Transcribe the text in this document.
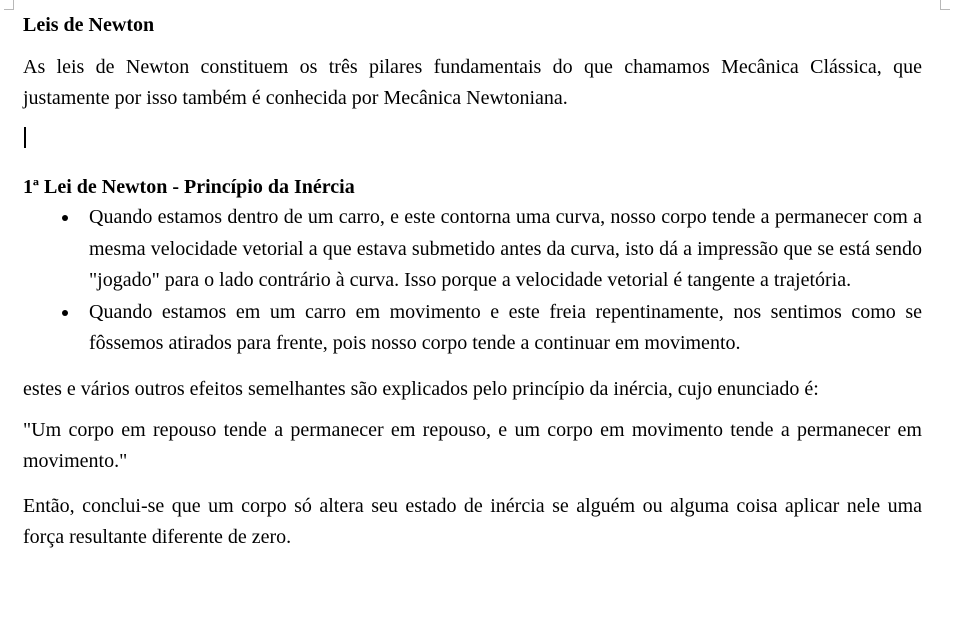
Leis de Newton

As leis de Newton constituem os três pilares fundamentais do que chamamos Mecânica Clássica, que justamente por isso também é conhecida por Mecânica Newtoniana.

1ª Lei de Newton - Princípio da Inércia

Quando estamos dentro de um carro, e este contorna uma curva, nosso corpo tende a permanecer com a mesma velocidade vetorial a que estava submetido antes da curva, isto dá a impressão que se está sendo "jogado" para o lado contrário à curva. Isso porque a velocidade vetorial é tangente a trajetória.
Quando estamos em um carro em movimento e este freia repentinamente, nos sentimos como se fôssemos atirados para frente, pois nosso corpo tende a continuar em movimento.

estes e vários outros efeitos semelhantes são explicados pelo princípio da inércia, cujo enunciado é:

"Um corpo em repouso tende a permanecer em repouso, e um corpo em movimento tende a permanecer em movimento."

Então, conclui-se que um corpo só altera seu estado de inércia se alguém ou alguma coisa aplicar nele uma força resultante diferente de zero.
